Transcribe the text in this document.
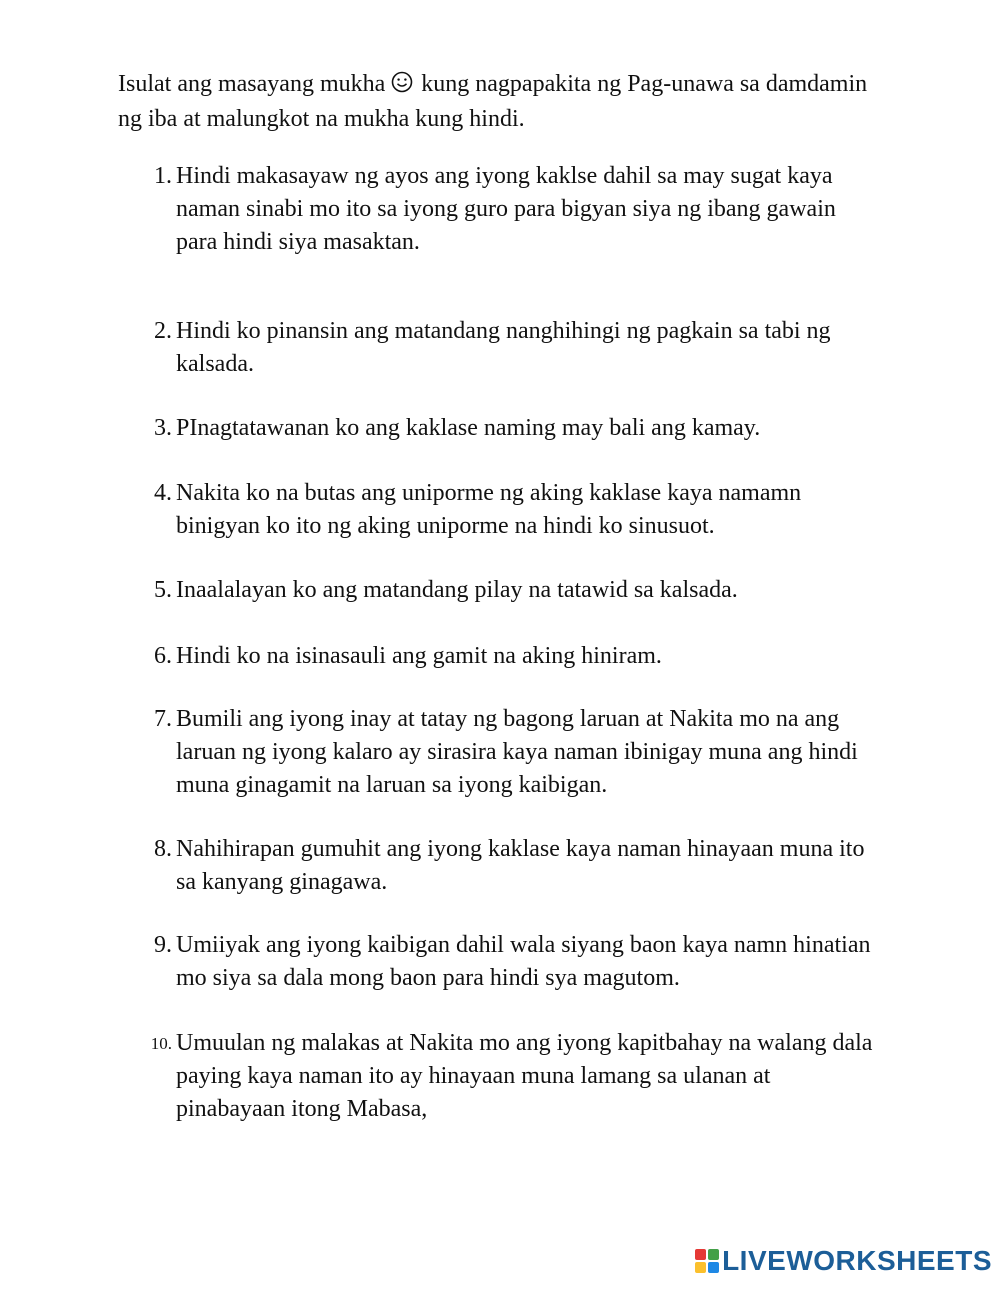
Isulat ang masayang mukha kung nagpapakita ng Pag-unawa sa damdamin ng iba at malungkot na mukha kung hindi.
1. Hindi makasayaw ng ayos ang iyong kaklse dahil sa may sugat kaya naman sinabi mo ito sa iyong guro para bigyan siya ng ibang gawain para hindi siya masaktan.
2. Hindi ko pinansin ang matandang nanghihingi ng pagkain sa tabi ng kalsada.
3. PInagtatawanan ko ang kaklase naming may bali ang kamay.
4. Nakita ko na butas ang uniporme ng aking kaklase kaya namamn binigyan ko ito ng aking uniporme na hindi ko sinusuot.
5. Inaalalayan ko ang matandang pilay na tatawid sa kalsada.
6. Hindi ko na isinasauli ang gamit na aking hiniram.
7. Bumili ang iyong inay at tatay ng bagong laruan at Nakita mo na ang laruan ng iyong kalaro ay sirasira kaya naman ibinigay muna ang hindi muna ginagamit na laruan sa iyong kaibigan.
8. Nahihirapan gumuhit ang iyong kaklase kaya naman hinayaan muna ito sa kanyang ginagawa.
9. Umiiyak ang iyong kaibigan dahil wala siyang baon kaya namn hinatian mo siya sa dala mong baon para hindi sya magutom.
10. Umuulan ng malakas at Nakita mo ang iyong kapitbahay na walang dala paying kaya naman ito ay hinayaan muna lamang sa ulanan at pinabayaan itong Mabasa,
LIVEWORKSHEETS
